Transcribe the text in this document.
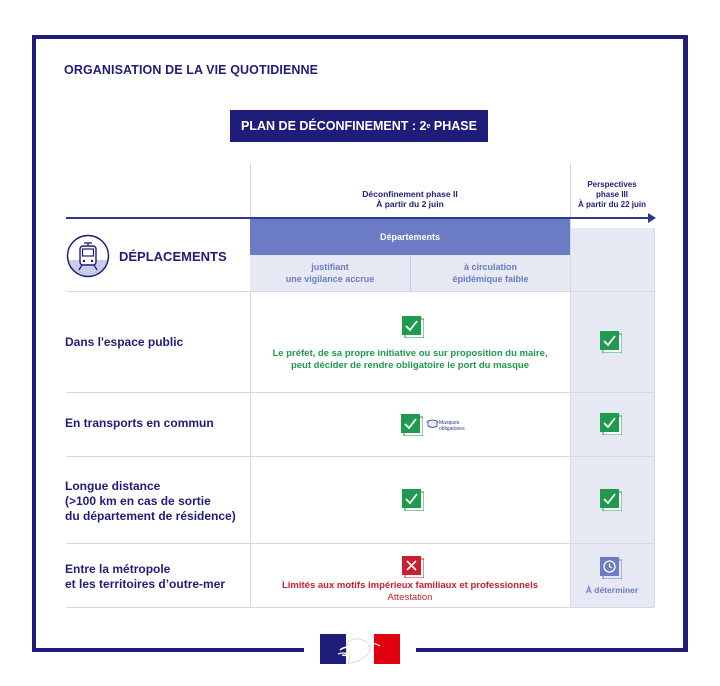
ORGANISATION DE LA VIE QUOTIDIENNE
PLAN DE DÉCONFINEMENT : 2 e PHASE
Déconfinement phase II
À partir du 2 juin
Perspectives
phase III
À partir du 22 juin
Départements
justifiant
une vigilance accrue
à circulation
épidémique faible
DÉPLACEMENTS
Dans l'espace public
Le préfet, de sa propre initiative ou sur proposition du maire,
peut décider de rendre obligatoire le port du masque
En transports en commun	Masques
obligatoires
Longue distance
(>100 km en cas de sortie
du département de résidence)
Entre la métropole
et les territoires d’outre-mer	Limités aux motifs impérieux familiaux et professionnels
Attestation
À déterminer
